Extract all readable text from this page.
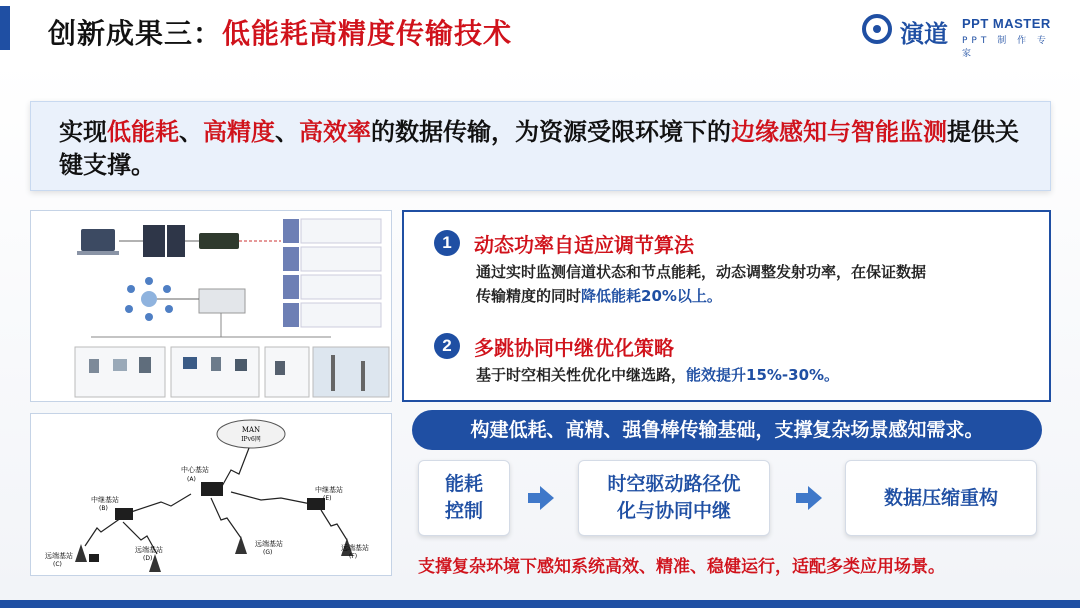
创新成果三：低能耗高精度传输技术	演道 PPT MASTER
PPT 制 作 专 家

实现低能耗、高精度、高效率的数据传输，为资源受限环境下的边缘感知与智能监测提供关键支撑。

MAN
IPv6网
中心基站
(A)
中继基站
(B)
中继基站
(E)
远端基站
(C)
远端基站
(D)
远端基站
(G)
远端基站
(F)
1	动态功率自适应调节算法
通过实时监测信道状态和节点能耗，动态调整发射功率，在保证数据
传输精度的同时降低能耗20%以上。
2	多跳协同中继优化策略
基于时空相关性优化中继选路，能效提升15%-30%。
构建低耗、高精、强鲁棒传输基础，支撑复杂场景感知需求。
能耗
控制
时空驱动路径优
化与协同中继
数据压缩重构
支撑复杂环境下感知系统高效、精准、稳健运行，适配多类应用场景。
